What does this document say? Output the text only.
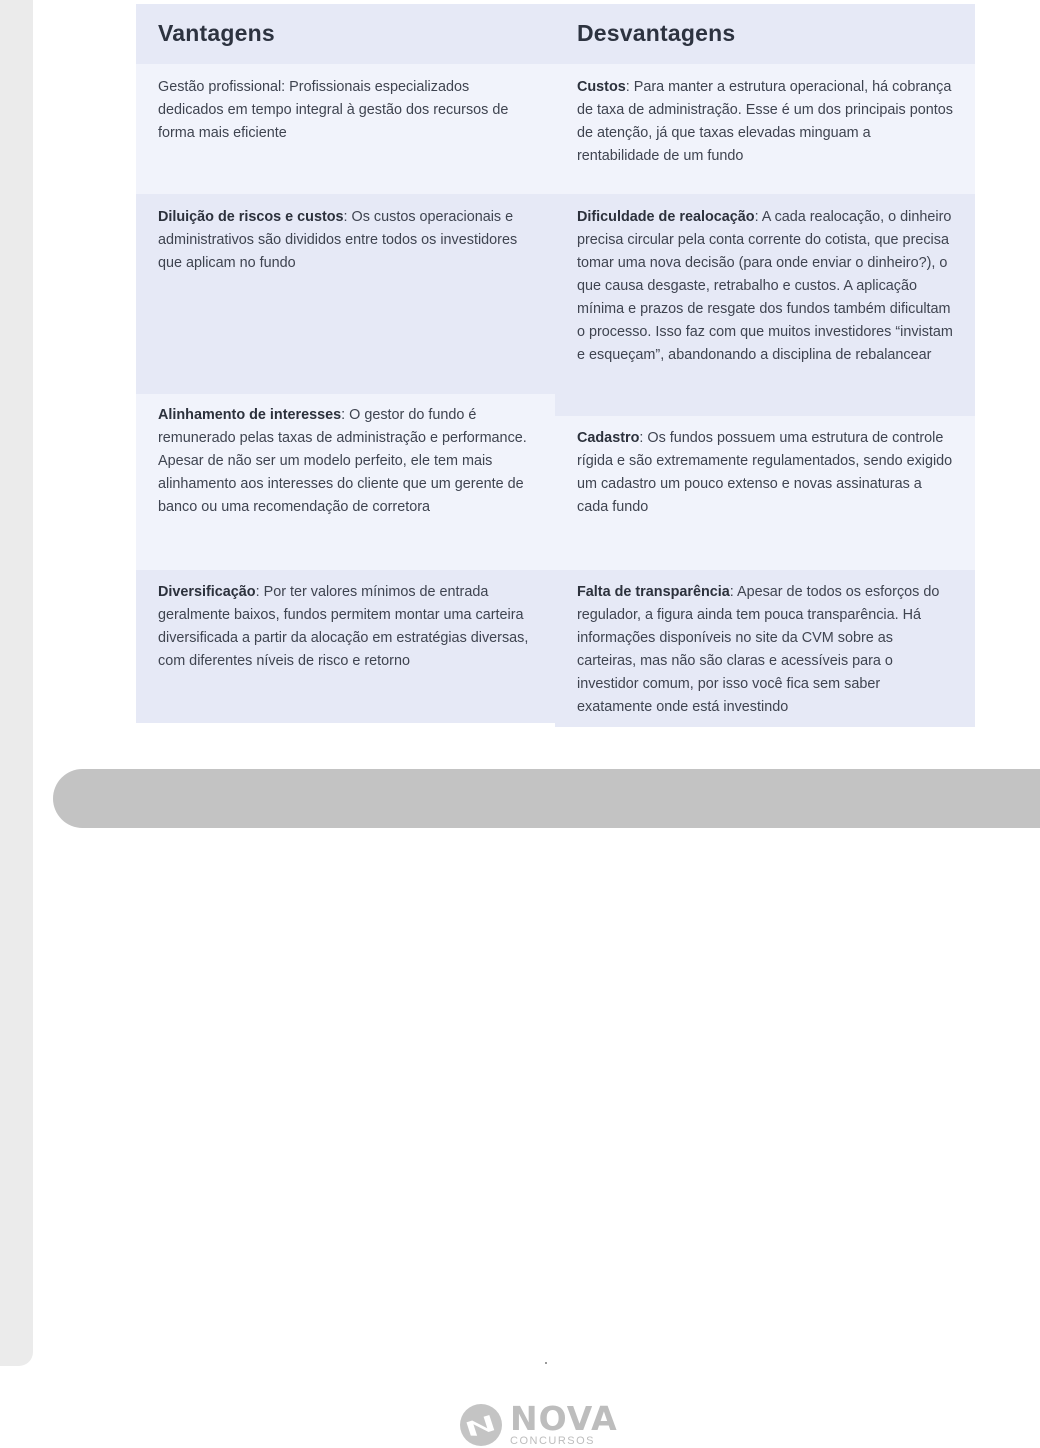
Vantagens

Gestão profissional: Profissionais especializados dedicados em tempo integral à gestão dos recursos de forma mais eficiente

Diluição de riscos e custos: Os custos operacionais e administrativos são divididos entre todos os investidores que aplicam no fundo

Alinhamento de interesses: O gestor do fundo é remunerado pelas taxas de administração e performance. Apesar de não ser um modelo perfeito, ele tem mais alinhamento aos interesses do cliente que um gerente de banco ou uma recomendação de corretora

Diversificação: Por ter valores mínimos de entrada geralmente baixos, fundos permitem montar uma carteira diversificada a partir da alocação em estratégias diversas, com diferentes níveis de risco e retorno

Desvantagens

Custos: Para manter a estrutura operacional, há cobrança de taxa de administração. Esse é um dos principais pontos de atenção, já que taxas elevadas minguam a rentabilidade de um fundo

Dificuldade de realocação: A cada realocação, o dinheiro precisa circular pela conta corrente do cotista, que precisa tomar uma nova decisão (para onde enviar o dinheiro?), o que causa desgaste, retrabalho e custos. A aplicação mínima e prazos de resgate dos fundos também dificultam o processo. Isso faz com que muitos investidores “invistam e esqueçam”, abandonando a disciplina de rebalancear

Cadastro: Os fundos possuem uma estrutura de controle rígida e são extremamente regulamentados, sendo exigido um cadastro um pouco extenso e novas assinaturas a cada fundo

Falta de transparência: Apesar de todos os esforços do regulador, a figura ainda tem pouca transparência. Há informações disponíveis no site da CVM sobre as carteiras, mas não são claras e acessíveis para o investidor comum, por isso você fica sem saber exatamente onde está investindo

NOVA
CONCURSOS
